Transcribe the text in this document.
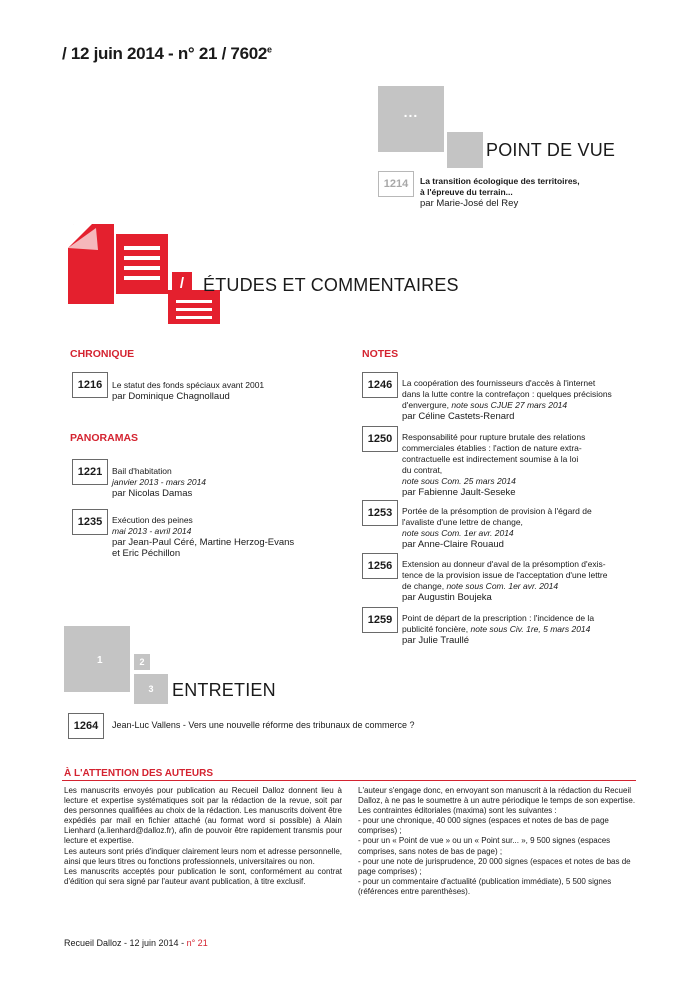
/ 12 juin 2014 - n° 21 / 7602e
...
POINT DE VUE
1214	La transition écologique des territoires,
à l'épreuve du terrain...
par Marie-José del Rey
/	ÉTUDES ET COMMENTAIRES
CHRONIQUE
1216	Le statut des fonds spéciaux avant 2001
par Dominique Chagnollaud
PANORAMAS
1221	Bail d'habitation
janvier 2013 - mars 2014
par Nicolas Damas
1235	Exécution des peines
mai 2013 - avril 2014
par Jean-Paul Céré, Martine Herzog-Evans
et Eric Péchillon
NOTES
1246	La coopération des fournisseurs d'accès à l'internet
dans la lutte contre la contrefaçon : quelques précisions
d'envergure, note sous CJUE 27 mars 2014
par Céline Castets-Renard
1250	Responsabilité pour rupture brutale des relations
commerciales établies : l'action de nature extra-
contractuelle est indirectement soumise à la loi
du contrat,
note sous Com. 25 mars 2014
par Fabienne Jault-Seseke
1253	Portée de la présomption de provision à l'égard de
l'avaliste d'une lettre de change,
note sous Com. 1er avr. 2014
par Anne-Claire Rouaud
1256	Extension au donneur d'aval de la présomption d'exis-
tence de la provision issue de l'acceptation d'une lettre
de change, note sous Com. 1er avr. 2014
par Augustin Boujeka
1259	Point de départ de la prescription : l'incidence de la
publicité foncière, note sous Civ. 1re, 5 mars 2014
par Julie Traullé
1	2
3	ENTRETIEN
1264	Jean-Luc Vallens - Vers une nouvelle réforme des tribunaux de commerce ?
À L'ATTENTION DES AUTEURS
Les manuscrits envoyés pour publication au Recueil Dalloz donnent lieu à lecture et expertise systématiques soit par la rédaction de la revue, soit par des personnes qualifiées au choix de la rédaction. Les manuscrits doivent être expédiés par mail en fichier attaché (au format word si possible) à Alain Lienhard (a.lienhard@dalloz.fr), afin de pouvoir être rapidement transmis pour lecture et expertise.
Les auteurs sont priés d'indiquer clairement leurs nom et adresse personnelle, ainsi que leurs titres ou fonctions professionnels, universitaires ou non.
Les manuscrits acceptés pour publication le sont, conformément au contrat d'édition qui sera signé par l'auteur avant publication, à titre exclusif.
L'auteur s'engage donc, en envoyant son manuscrit à la rédaction du Recueil Dalloz, à ne pas le soumettre à un autre périodique le temps de son expertise.
Les contraintes éditoriales (maxima) sont les suivantes :
- pour une chronique, 40 000 signes (espaces et notes de bas de page comprises) ;
- pour un « Point de vue » ou un « Point sur... », 9 500 signes (espaces comprises, sans notes de bas de page) ;
- pour une note de jurisprudence, 20 000 signes (espaces et notes de bas de page comprises) ;
- pour un commentaire d'actualité (publication immédiate), 5 500 signes (références entre parenthèses).
Recueil Dalloz - 12 juin 2014 - n° 21
